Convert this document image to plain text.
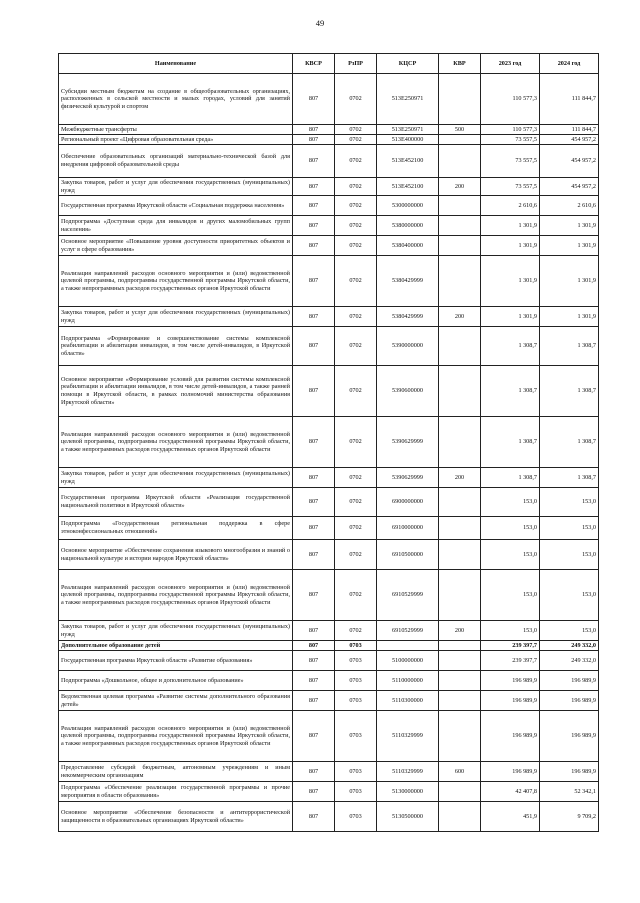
49
Наименование	КВСР	РзПР	КЦСР	КВР	2023 год	2024 год
Субсидии местным бюджетам на создание в общеобразовательных организациях, расположенных в сельской местности и малых городах, условий для занятий физической культурой и спортом	807	0702	513E250971		110 577,3	111 844,7
Межбюджетные трансферты	807	0702	513E250971	500	110 577,3	111 844,7
Региональный проект «Цифровая образовательная среда»	807	0702	513E400000		73 557,5	454 957,2
Обеспечение образовательных организаций материально-технической базой для внедрения цифровой образовательной среды	807	0702	513E452100		73 557,5	454 957,2
Закупка товаров, работ и услуг для обеспечения государственных (муниципальных) нужд	807	0702	513E452100	200	73 557,5	454 957,2
Государственная программа Иркутской области «Социальная поддержка населения»	807	0702	5300000000		2 610,6	2 610,6
Подпрограмма «Доступная среда для инвалидов и других маломобильных групп населения»	807	0702	5380000000		1 301,9	1 301,9
Основное мероприятие «Повышение уровня доступности приоритетных объектов и услуг в сфере образования»	807	0702	5380400000		1 301,9	1 301,9
Реализация направлений расходов основного мероприятия и (или) ведомственной целевой программы, подпрограммы государственной программы Иркутской области, а также непрограммных расходов государственных органов Иркутской области	807	0702	5380429999		1 301,9	1 301,9
Закупка товаров, работ и услуг для обеспечения государственных (муниципальных) нужд	807	0702	5380429999	200	1 301,9	1 301,9
Подпрограмма «Формирование и совершенствование системы комплексной реабилитации и абилитации инвалидов, в том числе детей-инвалидов, в Иркутской области»	807	0702	5390000000		1 308,7	1 308,7
Основное мероприятие «Формирование условий для развития системы комплексной реабилитации и абилитации инвалидов, в том числе детей-инвалидов, а также ранней помощи в Иркутской области, в рамках полномочий министерства образования Иркутской области»	807	0702	5390600000		1 308,7	1 308,7
Реализация направлений расходов основного мероприятия и (или) ведомственной целевой программы, подпрограммы государственной программы Иркутской области, а также непрограммных расходов государственных органов Иркутской области	807	0702	5390629999		1 308,7	1 308,7
Закупка товаров, работ и услуг для обеспечения государственных (муниципальных) нужд	807	0702	5390629999	200	1 308,7	1 308,7
Государственная программа Иркутской области «Реализация государственной национальной политики в Иркутской области»	807	0702	6900000000		153,0	153,0
Подпрограмма «Государственная региональная поддержка в сфере этноконфессиональных отношений»	807	0702	6910000000		153,0	153,0
Основное мероприятие «Обеспечение сохранения языкового многообразия и знаний о национальной культуре и истории народов Иркутской области»	807	0702	6910500000		153,0	153,0
Реализация направлений расходов основного мероприятия и (или) ведомственной целевой программы, подпрограммы государственной программы Иркутской области, а также непрограммных расходов государственных органов Иркутской области	807	0702	6910529999		153,0	153,0
Закупка товаров, работ и услуг для обеспечения государственных (муниципальных) нужд	807	0702	6910529999	200	153,0	153,0
Дополнительное образование детей	807	0703			239 397,7	249 332,0
Государственная программа Иркутской области «Развитие образования»	807	0703	5100000000		239 397,7	249 332,0
Подпрограмма «Дошкольное, общее и дополнительное образование»	807	0703	5110000000		196 989,9	196 989,9
Ведомственная целевая программа «Развитие системы дополнительного образования детей»	807	0703	5110300000		196 989,9	196 989,9
Реализация направлений расходов основного мероприятия и (или) ведомственной целевой программы, подпрограммы государственной программы Иркутской области, а также непрограммных расходов государственных органов Иркутской области	807	0703	5110329999		196 989,9	196 989,9
Предоставление субсидий бюджетным, автономным учреждениям и иным некоммерческим организациям	807	0703	5110329999	600	196 989,9	196 989,9
Подпрограмма «Обеспечение реализации государственной программы и прочие мероприятия в области образования»	807	0703	5130000000		42 407,8	52 342,1
Основное мероприятие «Обеспечение безопасности и антитеррористической защищенности в образовательных организациях Иркутской области»	807	0703	5130500000		451,9	9 709,2
